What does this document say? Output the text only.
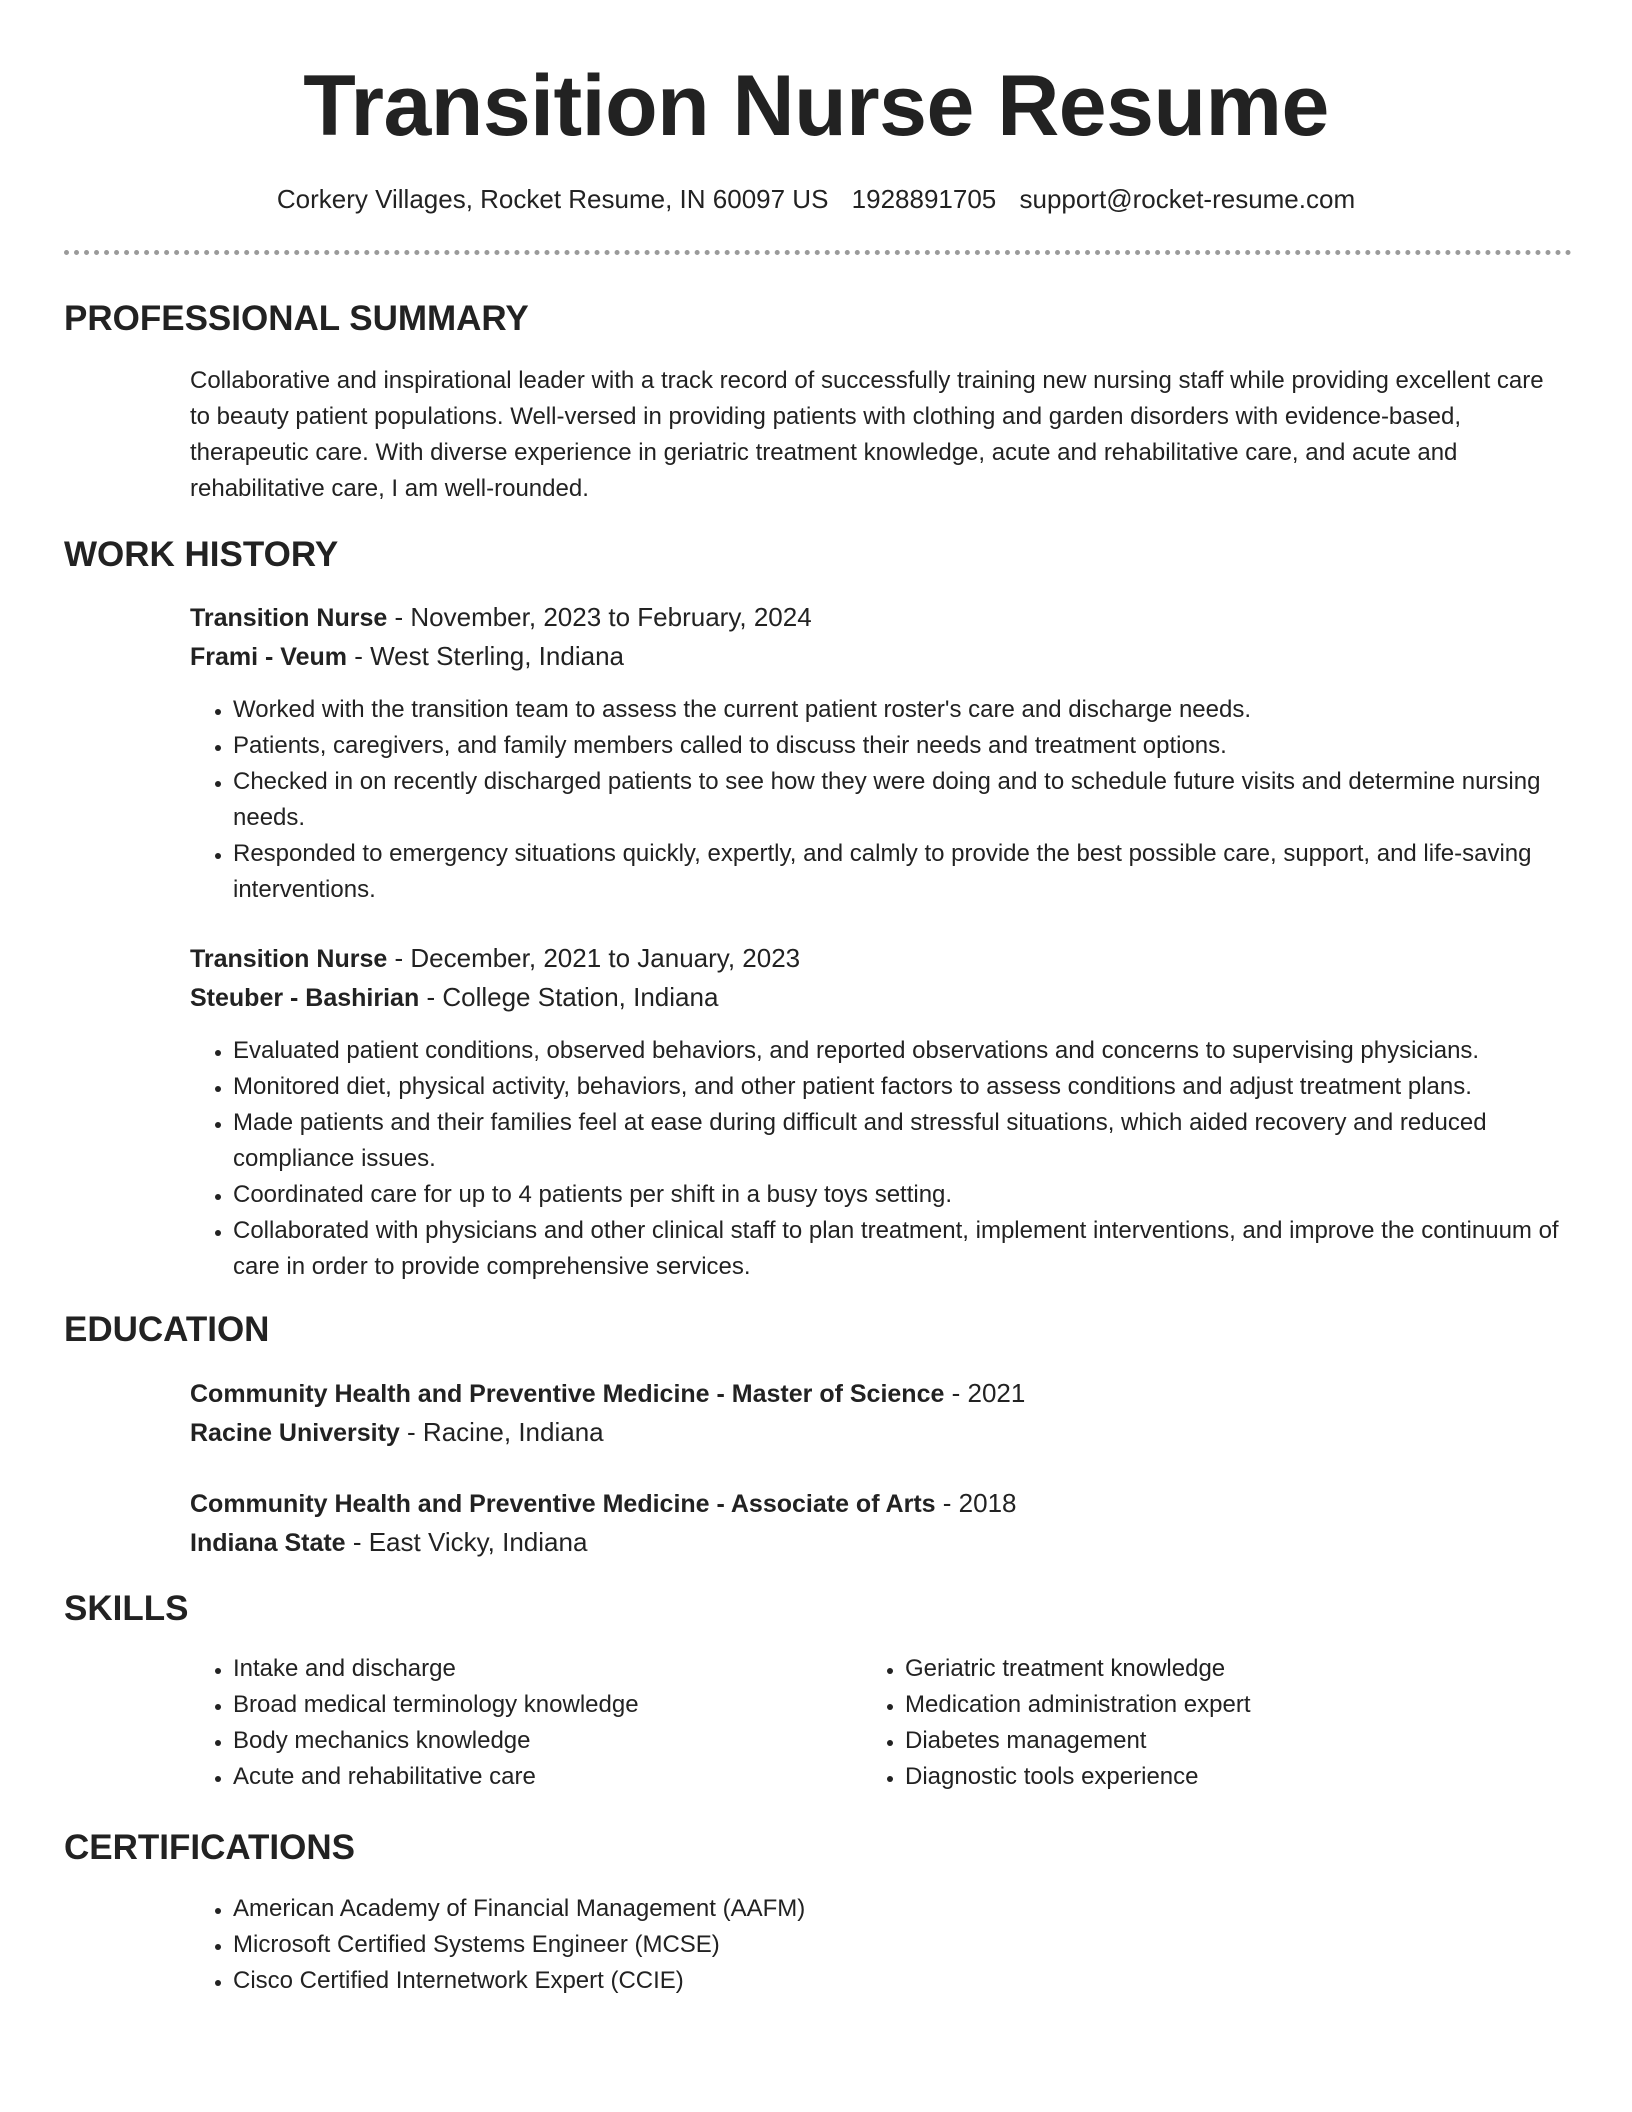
Transition Nurse Resume
Corkery Villages, Rocket Resume, IN 60097 US 1928891705 support@rocket-resume.com
PROFESSIONAL SUMMARY

Collaborative and inspirational leader with a track record of successfully training new nursing staff while providing excellent care to beauty patient populations. Well-versed in providing patients with clothing and garden disorders with evidence-based, therapeutic care. With diverse experience in geriatric treatment knowledge, acute and rehabilitative care, and acute and rehabilitative care, I am well-rounded.

WORK HISTORY

Transition Nurse - November, 2023 to February, 2024

Frami - Veum - West Sterling, Indiana

• Worked with the transition team to assess the current patient roster's care and discharge needs.
• Patients, caregivers, and family members called to discuss their needs and treatment options.
• Checked in on recently discharged patients to see how they were doing and to schedule future visits and determine nursing needs.
• Responded to emergency situations quickly, expertly, and calmly to provide the best possible care, support, and life-saving interventions.

Transition Nurse - December, 2021 to January, 2023

Steuber - Bashirian - College Station, Indiana

• Evaluated patient conditions, observed behaviors, and reported observations and concerns to supervising physicians.
• Monitored diet, physical activity, behaviors, and other patient factors to assess conditions and adjust treatment plans.
• Made patients and their families feel at ease during difficult and stressful situations, which aided recovery and reduced compliance issues.
• Coordinated care for up to 4 patients per shift in a busy toys setting.
• Collaborated with physicians and other clinical staff to plan treatment, implement interventions, and improve the continuum of care in order to provide comprehensive services.
EDUCATION

Community Health and Preventive Medicine - Master of Science - 2021

Racine University - Racine, Indiana

Community Health and Preventive Medicine - Associate of Arts - 2018

Indiana State - East Vicky, Indiana

SKILLS
• Intake and discharge
• Broad medical terminology knowledge
• Body mechanics knowledge
• Acute and rehabilitative care
• Geriatric treatment knowledge
• Medication administration expert
• Diabetes management
• Diagnostic tools experience
CERTIFICATIONS
• American Academy of Financial Management (AAFM)
• Microsoft Certified Systems Engineer (MCSE)
• Cisco Certified Internetwork Expert (CCIE)
